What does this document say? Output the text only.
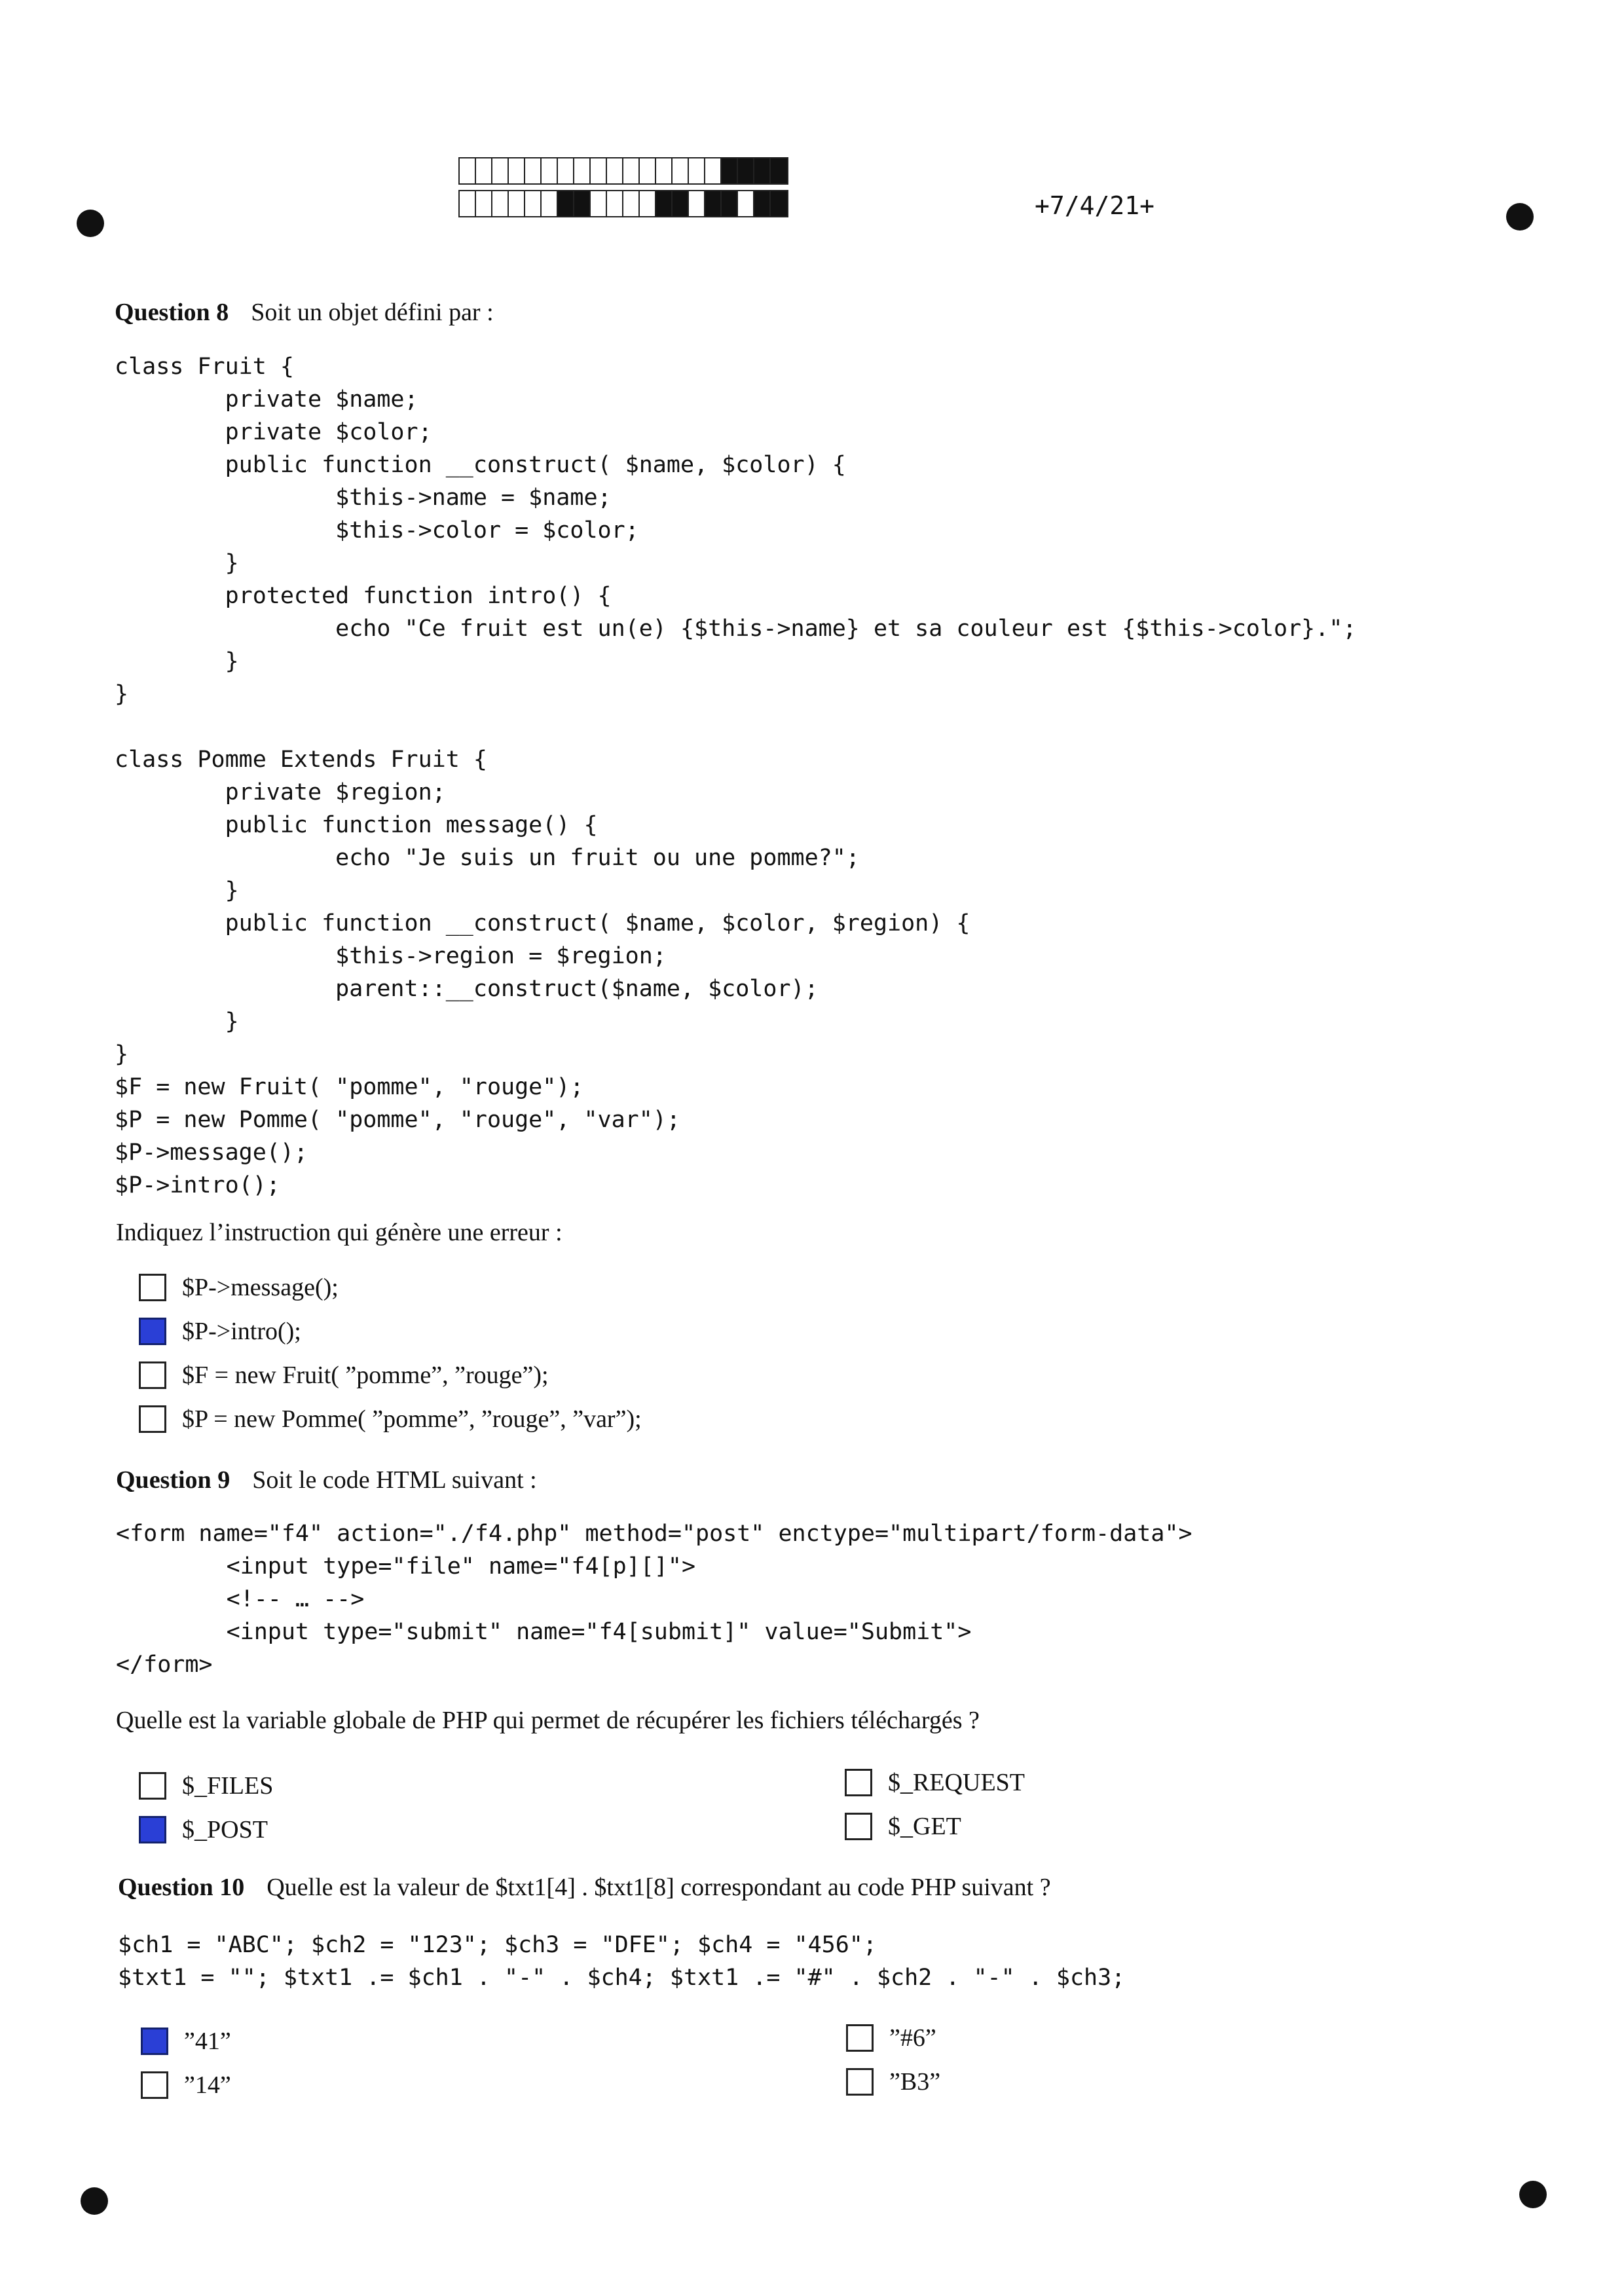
+7/4/21+
Question 8 Soit un objet défini par :
class Fruit {
private $name;
private $color;
public function __construct( $name, $color) {
$this->name = $name;
$this->color = $color;
}
protected function intro() {
echo "Ce fruit est un(e) {$this->name} et sa couleur est {$this->color}.";
}
}

class Pomme Extends Fruit {
private $region;
public function message() {
echo "Je suis un fruit ou une pomme?";
}
public function __construct( $name, $color, $region) {
$this->region = $region;
parent::__construct($name, $color);
}
}
$F = new Fruit( "pomme", "rouge");
$P = new Pomme( "pomme", "rouge", "var");
$P->message();
$P->intro();
Indiquez l’instruction qui génère une erreur :
$P->message();
$P->intro();
$F = new Fruit( ”pomme”, ”rouge”);
$P = new Pomme( ”pomme”, ”rouge”, ”var”);
Question 9 Soit le code HTML suivant :
<form name="f4" action="./f4.php" method="post" enctype="multipart/form-data">
<input type="file" name="f4[p][]">
<!-- … -->
<input type="submit" name="f4[submit]" value="Submit">
</form>
Quelle est la variable globale de PHP qui permet de récupérer les fichiers téléchargés ?
$_FILES
$_POST
$_REQUEST
$_GET
Question 10 Quelle est la valeur de $txt1[4] . $txt1[8] correspondant au code PHP suivant ?
$ch1 = "ABC"; $ch2 = "123"; $ch3 = "DFE"; $ch4 = "456";
$txt1 = ""; $txt1 .= $ch1 . "-" . $ch4; $txt1 .= "#" . $ch2 . "-" . $ch3;
”41”
”14”
”#6”
”B3”
